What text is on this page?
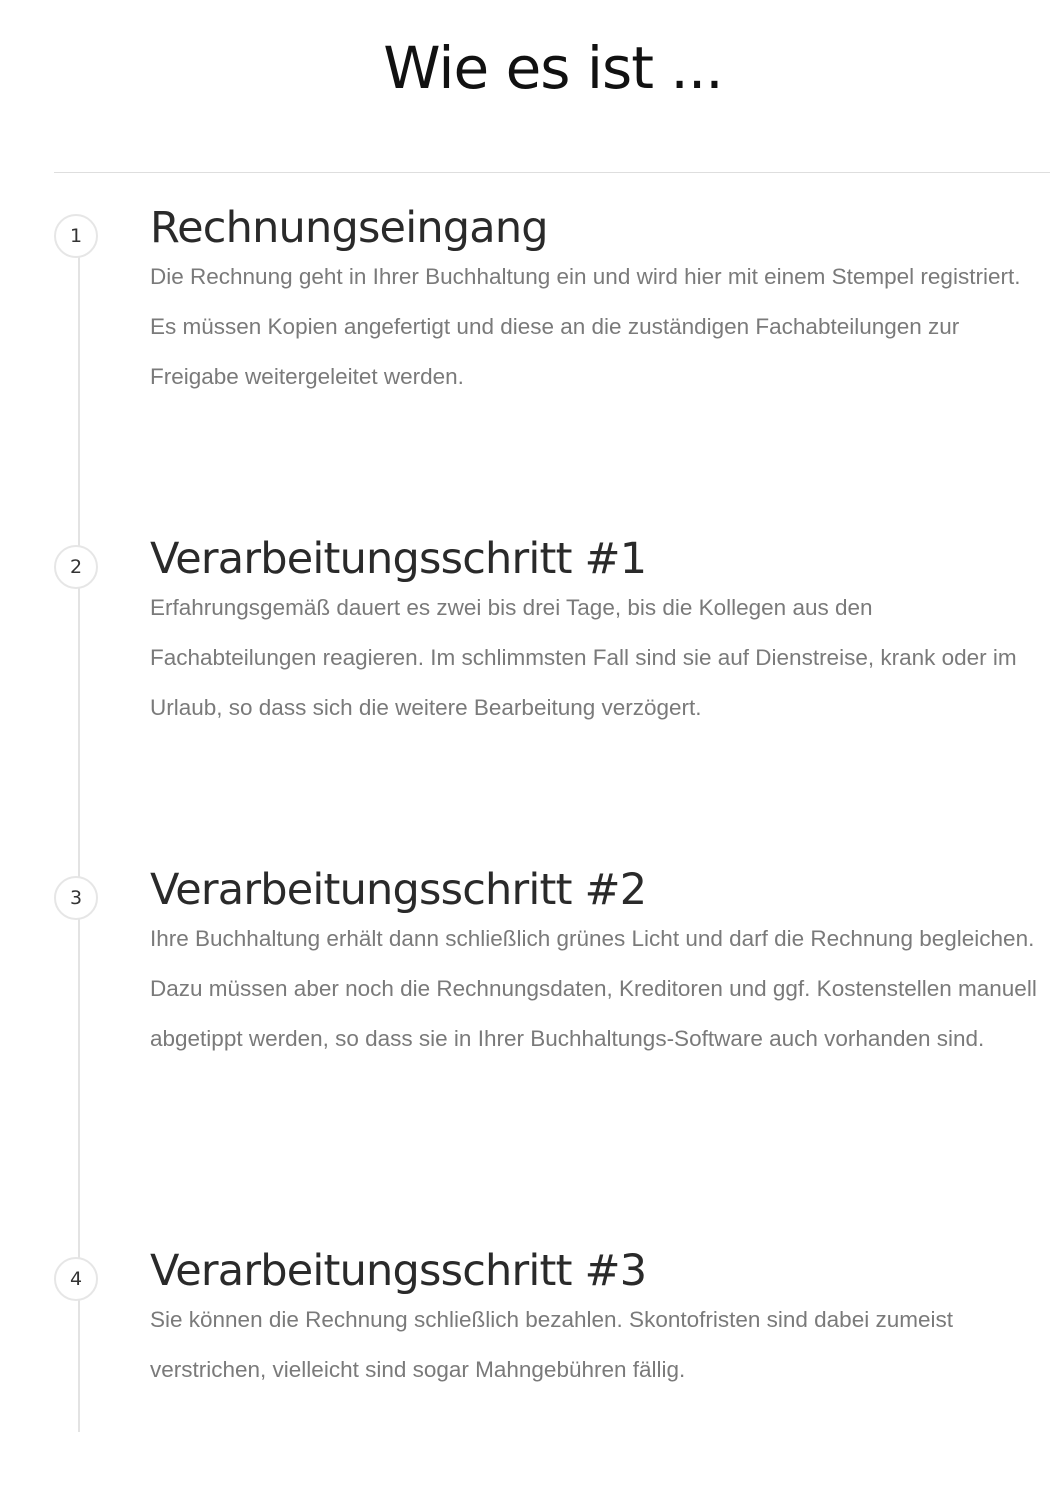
Wie es ist ...
1	Rechnungseingang

Die Rechnung geht in Ihrer Buchhaltung ein und wird hier mit einem Stempel registriert. Es müssen Kopien angefertigt und diese an die zuständigen Fachabteilungen zur Freigabe weitergeleitet werden.

2	Verarbeitungsschritt #1

Erfahrungsgemäß dauert es zwei bis drei Tage, bis die Kollegen aus den Fachabteilungen reagieren. Im schlimmsten Fall sind sie auf Dienstreise, krank oder im Urlaub, so dass sich die weitere Bearbeitung verzögert.

3	Verarbeitungsschritt #2

Ihre Buchhaltung erhält dann schließlich grünes Licht und darf die Rechnung begleichen. Dazu müssen aber noch die Rechnungsdaten, Kreditoren und ggf. Kostenstellen manuell abgetippt werden, so dass sie in Ihrer Buchhaltungs-Software auch vorhanden sind.

4	Verarbeitungsschritt #3

Sie können die Rechnung schließlich bezahlen. Skontofristen sind dabei zumeist verstrichen, vielleicht sind sogar Mahngebühren fällig.
